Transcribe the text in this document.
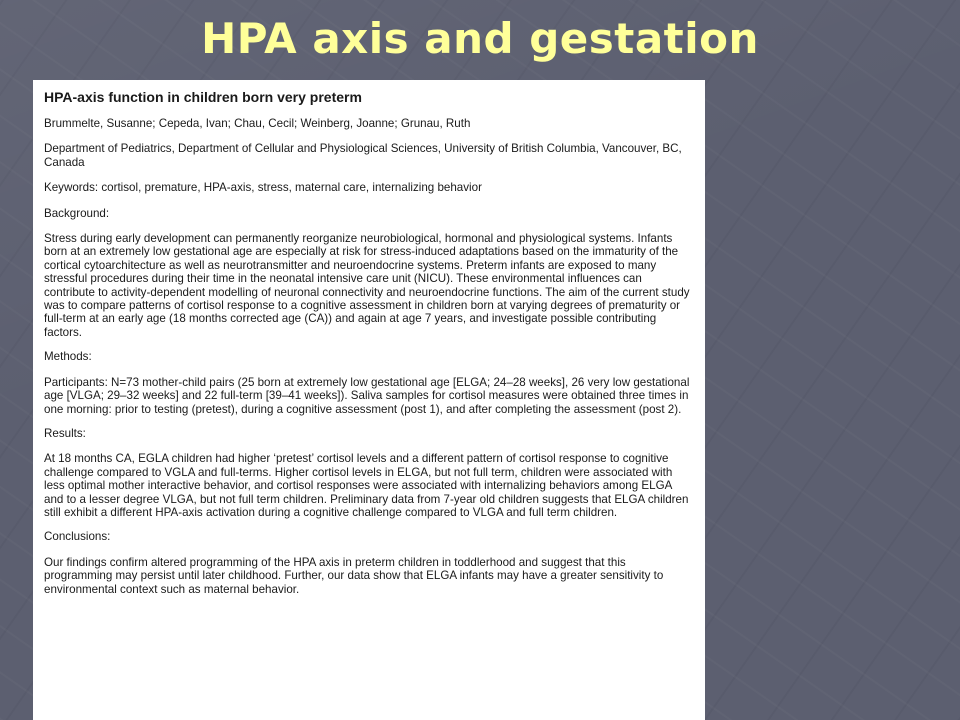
HPA axis and gestation

HPA-axis function in children born very preterm

Brummelte, Susanne; Cepeda, Ivan; Chau, Cecil; Weinberg, Joanne; Grunau, Ruth

Department of Pediatrics, Department of Cellular and Physiological Sciences, University of British Columbia, Vancouver, BC, Canada

Keywords: cortisol, premature, HPA-axis, stress, maternal care, internalizing behavior

Background:

Stress during early development can permanently reorganize neurobiological, hormonal and physiological systems. Infants born at an extremely low gestational age are especially at risk for stress-induced adaptations based on the immaturity of the cortical cytoarchitecture as well as neurotransmitter and neuroendocrine systems. Preterm infants are exposed to many stressful procedures during their time in the neonatal intensive care unit (NICU). These environmental influences can contribute to activity-dependent modelling of neuronal connectivity and neuroendocrine functions. The aim of the current study was to compare patterns of cortisol response to a cognitive assessment in children born at varying degrees of prematurity or full-term at an early age (18 months corrected age (CA)) and again at age 7 years, and investigate possible contributing factors.

Methods:

Participants: N=73 mother-child pairs (25 born at extremely low gestational age [ELGA; 24–28 weeks], 26 very low gestational age [VLGA; 29–32 weeks] and 22 full-term [39–41 weeks]). Saliva samples for cortisol measures were obtained three times in one morning: prior to testing (pretest), during a cognitive assessment (post 1), and after completing the assessment (post 2).

Results:

At 18 months CA, EGLA children had higher ‘pretest’ cortisol levels and a different pattern of cortisol response to cognitive challenge compared to VGLA and full-terms. Higher cortisol levels in ELGA, but not full term, children were associated with less optimal mother interactive behavior, and cortisol responses were associated with internalizing behaviors among ELGA and to a lesser degree VLGA, but not full term children. Preliminary data from 7-year old children suggests that ELGA children still exhibit a different HPA-axis activation during a cognitive challenge compared to VLGA and full term children.

Conclusions:

Our findings confirm altered programming of the HPA axis in preterm children in toddlerhood and suggest that this programming may persist until later childhood. Further, our data show that ELGA infants may have a greater sensitivity to environmental context such as maternal behavior.
